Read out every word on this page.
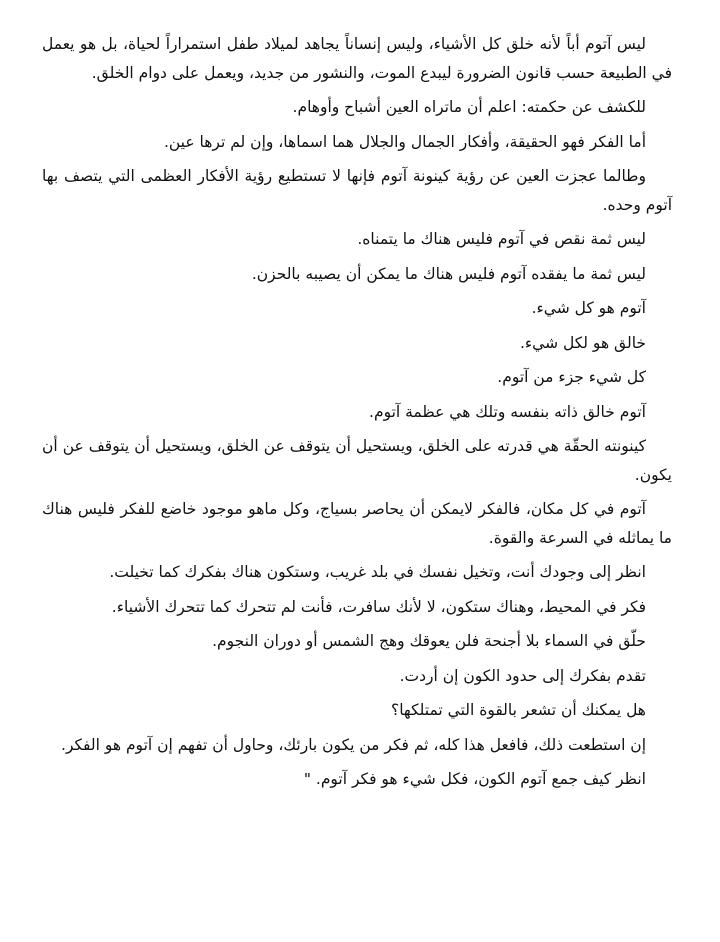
ليس آتوم أباً لأنه خلق كل الأشياء، وليس إنساناً يجاهد لميلاد طفل استمراراً لحياة، بل هو يعمل في الطبيعة حسب قانون الضرورة ليبدع الموت، والنشور من جديد، ويعمل على دوام الخلق.

للكشف عن حكمته: اعلم أن ماتراه العين أشباح وأوهام.

أما الفكر فهو الحقيقة، وأفكار الجمال والجلال هما اسماها، وإن لم ترها عين.

وطالما عجزت العين عن رؤية كينونة آتوم فإنها لا تستطيع رؤية الأفكار العظمى التي يتصف بها آتوم وحده.

ليس ثمة نقص في آتوم فليس هناك ما يتمناه.

ليس ثمة ما يفقده آتوم فليس هناك ما يمكن أن يصيبه بالحزن.

آتوم هو كل شيء.

خالق هو لكل شيء.

كل شيء جزء من آتوم.

آتوم خالق ذاته بنفسه وتلك هي عظمة آتوم.

كينونته الحقّة هي قدرته على الخلق، ويستحيل أن يتوقف عن الخلق، ويستحيل أن يتوقف عن أن يكون.

آتوم في كل مكان، فالفكر لايمكن أن يحاصر بسياج، وكل ماهو موجود خاضع للفكر فليس هناك ما يماثله في السرعة والقوة.

انظر إلى وجودك أنت، وتخيل نفسك في بلد غريب، وستكون هناك بفكرك كما تخيلت.

فكر في المحيط، وهناك ستكون، لا لأنك سافرت، فأنت لم تتحرك كما تتحرك الأشياء.

حلّق في السماء بلا أجنحة فلن يعوقك وهج الشمس أو دوران النجوم.

تقدم بفكرك إلى حدود الكون إن أردت.

هل يمكنك أن تشعر بالقوة التي تمتلكها؟

إن استطعت ذلك، فافعل هذا كله، ثم فكر من يكون بارئك، وحاول أن تفهم إن آتوم هو الفكر.

انظر كيف جمع آتوم الكون، فكل شيء هو فكر آتوم. "
